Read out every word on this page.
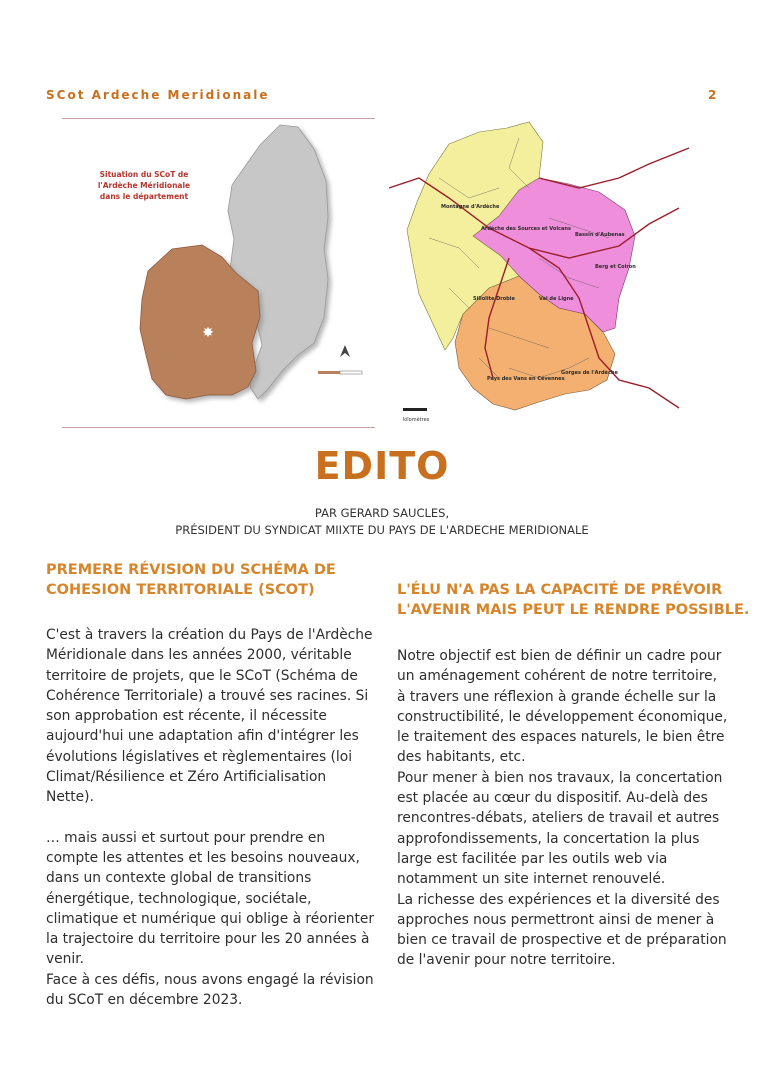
SCot Ardeche Meridionale	2
✸
Situation du SCoT de
l'Ardèche Méridionale
dans le département
Montagne d'Ardèche
Ardèche des Sources et Volcans
Bassin d'Aubenas
Berg et Coiron
Sillolite Drobie	Val de Ligne
Pays des Vans en Cévennes
Gorges de l'Ardèche
kilomètres
EDITO
PAR GERARD SAUCLES,
PRÉSIDENT DU SYNDICAT MIIXTE DU PAYS DE L'ARDECHE MERIDIONALE
PREMERE RÉVISION DU SCHÉMA DE
COHESION TERRITORIALE (SCOT)

C'est à travers la création du Pays de l'Ardèche Méridionale dans les années 2000, véritable territoire de projets, que le SCoT (Schéma de Cohérence Territoriale) a trouvé ses racines. Si son approbation est récente, il nécessite aujourd'hui une adaptation afin d'intégrer les évolutions législatives et règlementaires (loi Climat/Résilience et Zéro Artificialisation Nette).

… mais aussi et surtout pour prendre en compte les attentes et les besoins nouveaux, dans un contexte global de transitions énergétique, technologique, sociétale, climatique et numérique qui oblige à réorienter la trajectoire du territoire pour les 20 années à venir.

Face à ces défis, nous avons engagé la révision du SCoT en décembre 2023.

L'ÉLU N'A PAS LA CAPACITÉ DE PRÉVOIR
L'AVENIR MAIS PEUT LE RENDRE POSSIBLE.

Notre objectif est bien de définir un cadre pour un aménagement cohérent de notre territoire, à travers une réflexion à grande échelle sur la constructibilité, le développement économique, le traitement des espaces naturels, le bien être des habitants, etc.

Pour mener à bien nos travaux, la concertation est placée au cœur du dispositif. Au-delà des rencontres-débats, ateliers de travail et autres approfondissements, la concertation la plus large est facilitée par les outils web via notamment un site internet renouvelé.

La richesse des expériences et la diversité des approches nous permettront ainsi de mener à bien ce travail de prospective et de préparation de l'avenir pour notre territoire.
